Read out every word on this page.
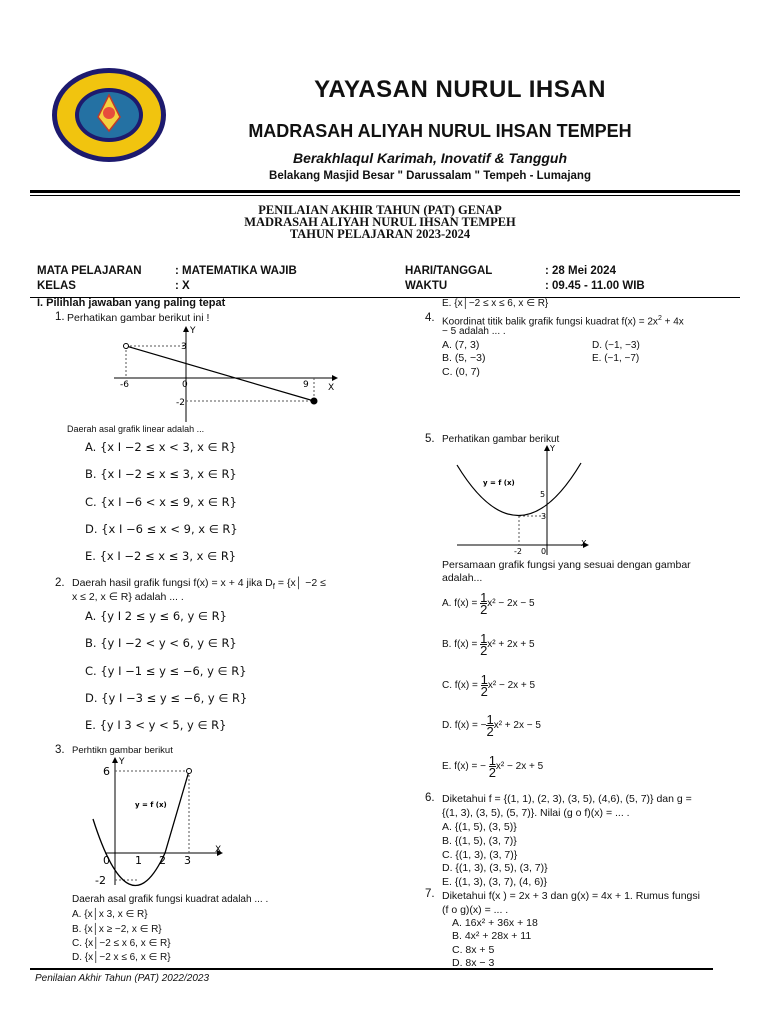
YAYASAN NURUL IHSAN
MADRASAH ALIYAH NURUL IHSAN TEMPEH
Berakhlaqul Karimah, Inovatif & Tangguh
Belakang Masjid Besar " Darussalam " Tempeh - Lumajang
PENILAIAN AKHIR TAHUN (PAT) GENAP
MADRASAH ALIYAH NURUL IHSAN TEMPEH
TAHUN PELAJARAN 2023-2024
MATA PELAJARAN	: MATEMATIKA WAJIB
KELAS	: X
HARI/TANGGAL	: 28 Mei 2024
WAKTU	: 09.45 - 11.00 WIB
I. Pilihlah jawaban yang paling tepat
1. Perhatikan gambar berikut ini !
Y
3
-2
-6	0	9 X
Daerah asal grafik linear adalah ...
A. {x I −2 ≤ x < 3, x ∈ R}
B. {x I −2 ≤ x ≤ 3, x ∈ R}
C. {x I −6 < x ≤ 9, x ∈ R}
D. {x I −6 ≤ x < 9, x ∈ R}
E. {x I −2 ≤ x ≤ 3, x ∈ R}
2. Daerah hasil grafik fungsi f(x) = x + 4 jika $D_f$ = {x│ −2 ≤
x ≤ 2, x ∈ R} adalah ... .
A. {y I 2 ≤ y ≤ 6, y ∈ R}
B. {y I −2 < y < 6, y ∈ R}
C. {y I −1 ≤ y ≤ −6, y ∈ R}
D. {y I −3 ≤ y ≤ −6, y ∈ R}
E. {y I 3 < y < 5, y ∈ R}
3. Perhtikn gambar berikut
Y
6
-2
0 1 2 3
X
y = f (x)
Daerah asal grafik fungsi kuadrat adalah ... .
A. {x│x 3, x ∈ R}
B. {x│x ≥ −2, x ∈ R}
C. {x│−2 ≤ x 6, x ∈ R}
D. {x│−2 x ≤ 6, x ∈ R}
E. {x│−2 ≤ x ≤ 6, x ∈ R}
4. Koordinat titik balik grafik fungsi kuadrat $f(x) = 2x^2 + 4x$
− 5 adalah ... .
A. (7, 3)	D. (−1, −3)
B. (5, −3)	E. (−1, −7)
C. (0, 7)
5. Perhatikan gambar berikut
Y
5
3
-2 0
X
y = f (x)
Persamaan grafik fungsi yang sesuai dengan gambar
adalah...
A. $f(x) = \frac{1}{2} x^2 - 2x - 5$
B. $f(x) = \frac{1}{2} x^2 + 2x + 5$
C. $f(x) = \frac{1}{2} x^2 - 2x + 5$
D. f(x) = − $\frac{1}{2} x^2 + 2x - 5$
E. f(x) = − $\frac{1}{2} x^2 - 2x + 5$
6. Diketahui f = {(1, 1), (2, 3), (3, 5), (4,6), (5, 7)} dan g =
{(1, 3), (3, 5), (5, 7)}. Nilai (g o f)(x) = ... .
A. {(1, 5), (3, 5)}
B. {(1, 5), (3, 7)}
C. {(1, 3), (3, 7)}
D. {(1, 3), (3, 5), (3, 7)}
E. {(1, 3), (3, 7), (4, 6)}
7. Diketahui f(x ) = 2x + 3 dan g(x) = 4x + 1. Rumus fungsi
(f o g)(x) = ... .
A. 16x² + 36x + 18
B. 4x² + 28x + 11
C. 8x + 5
D. 8x − 3
Penilaian Akhir Tahun (PAT) 2022/2023
